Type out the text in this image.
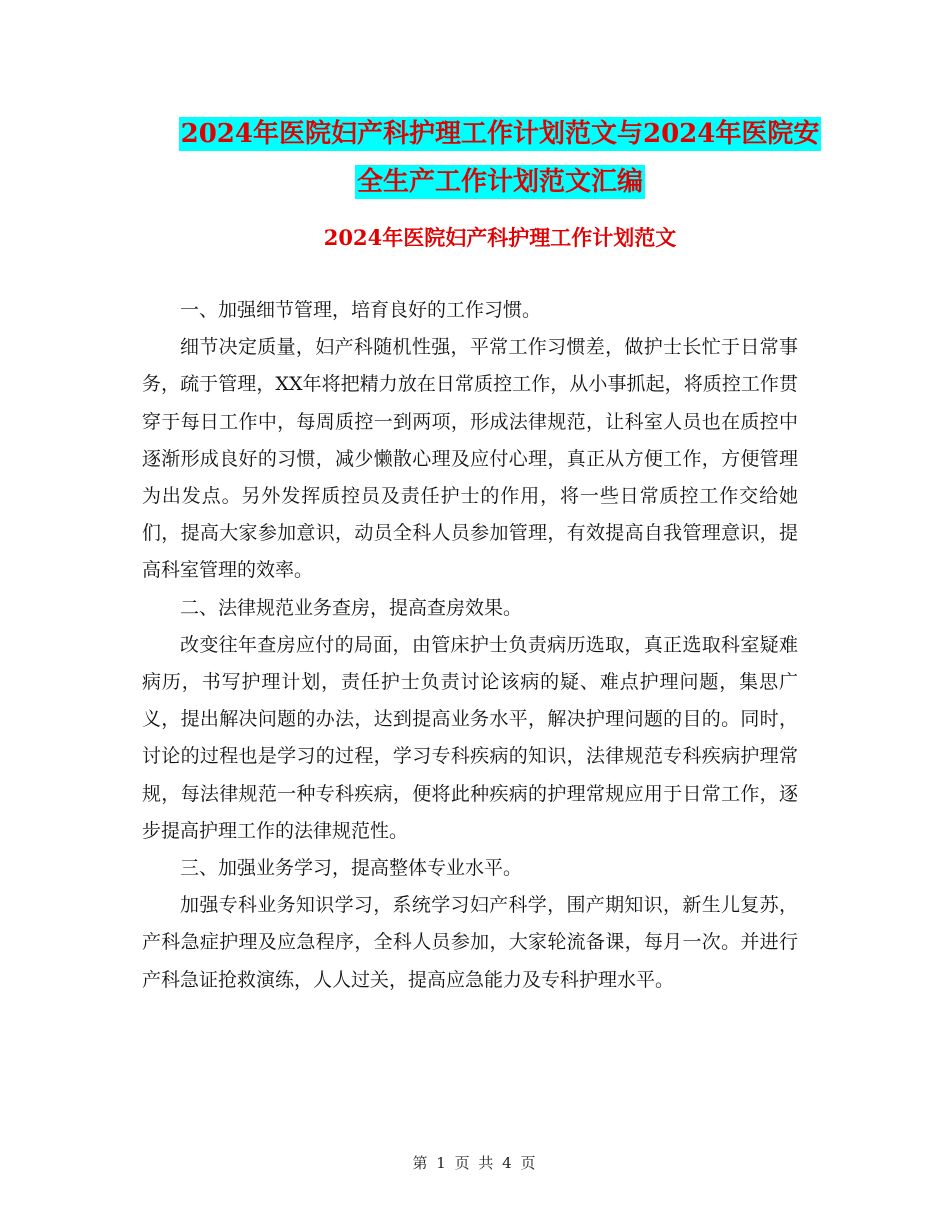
2024年医院妇产科护理工作计划范文与2024年医院安
全生产工作计划范文汇编
2024年医院妇产科护理工作计划范文

一、加强细节管理，培育良好的工作习惯。

细节决定质量，妇产科随机性强，平常工作习惯差，做护士长忙于日常事务，疏于管理，XX年将把精力放在日常质控工作，从小事抓起，将质控工作贯穿于每日工作中，每周质控一到两项，形成法律规范，让科室人员也在质控中逐渐形成良好的习惯，减少懒散心理及应付心理，真正从方便工作，方便管理为出发点。另外发挥质控员及责任护士的作用，将一些日常质控工作交给她们，提高大家参加意识，动员全科人员参加管理，有效提高自我管理意识，提高科室管理的效率。

二、法律规范业务查房，提高查房效果。

改变往年查房应付的局面，由管床护士负责病历选取，真正选取科室疑难病历，书写护理计划，责任护士负责讨论该病的疑、难点护理问题，集思广义，提出解决问题的办法，达到提高业务水平，解决护理问题的目的。同时，讨论的过程也是学习的过程，学习专科疾病的知识，法律规范专科疾病护理常规，每法律规范一种专科疾病，便将此种疾病的护理常规应用于日常工作，逐步提高护理工作的法律规范性。

三、加强业务学习，提高整体专业水平。

加强专科业务知识学习，系统学习妇产科学，围产期知识，新生儿复苏，产科急症护理及应急程序，全科人员参加，大家轮流备课，每月一次。并进行产科急证抢救演练，人人过关，提高应急能力及专科护理水平。

第 1 页 共 4 页
